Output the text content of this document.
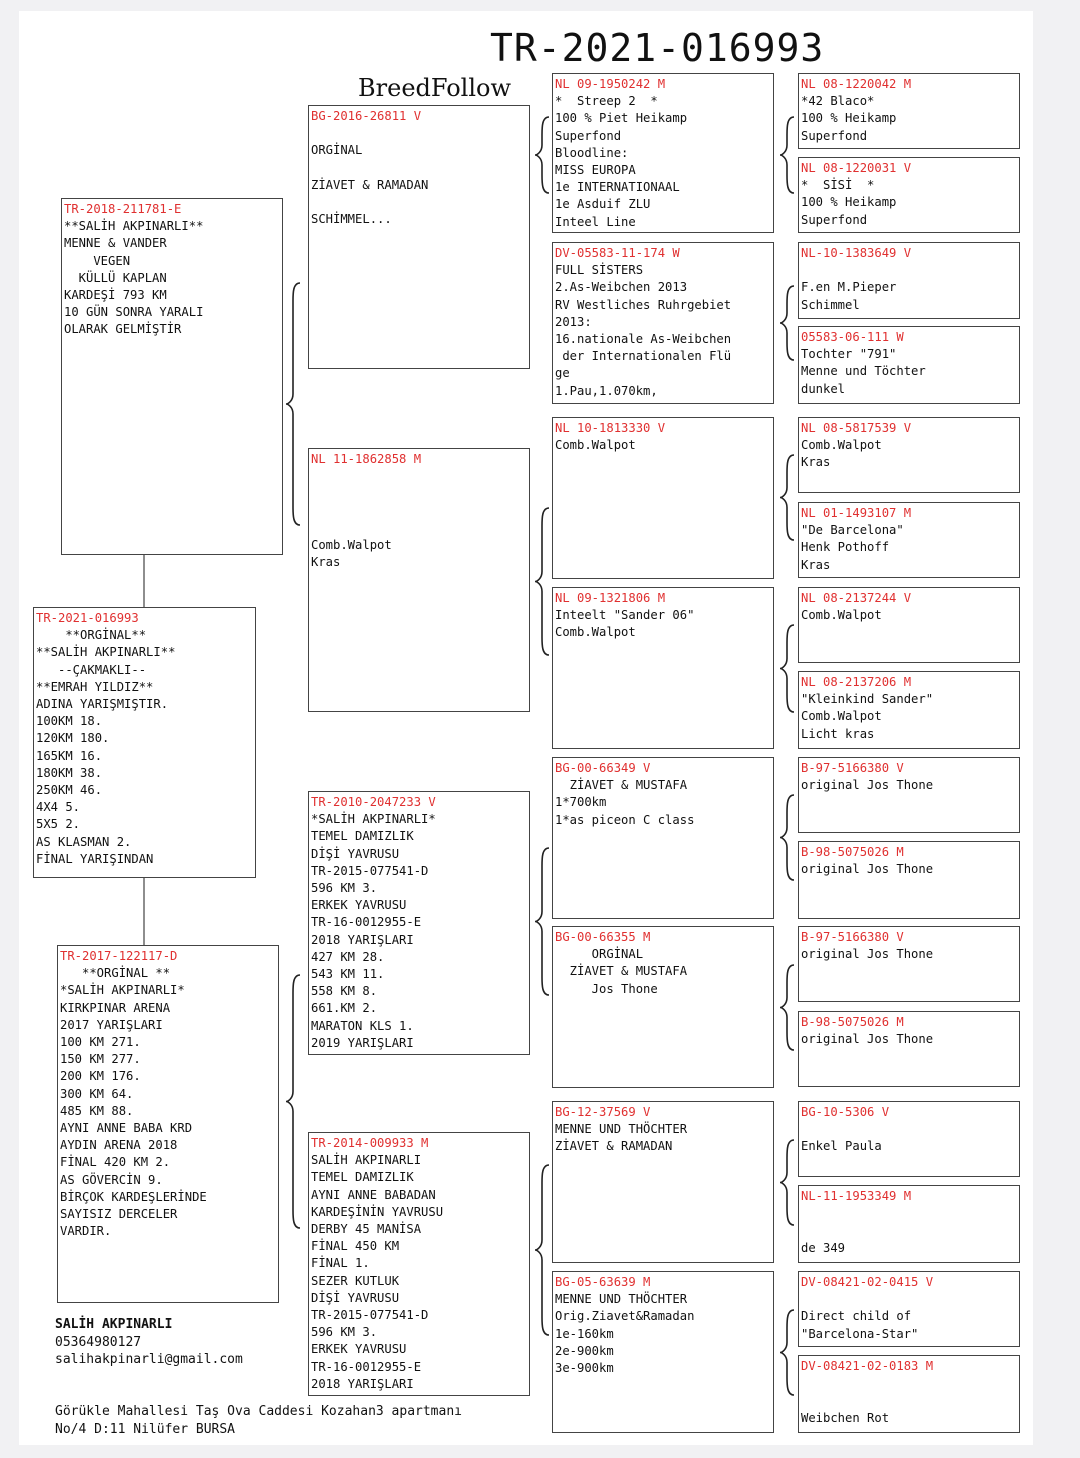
TR-2021-016993
BreedFollow
TR-2021-016993
**ORGİNAL**
**SALİH AKPINARLI**
--ÇAKMAKLI--
**EMRAH YILDIZ**
ADINA YARIŞMIŞTIR.
100KM 18.
120KM 180.
165KM 16.
180KM 38.
250KM 46.
4X4 5.
5X5 2.
AS KLASMAN 2.
FİNAL YARIŞINDAN
TR-2018-211781-E
**SALİH AKPINARLI**
MENNE & VANDER
VEGEN
KÜLLÜ KAPLAN
KARDEŞİ 793 KM
10 GÜN SONRA YARALI
OLARAK GELMİŞTİR
TR-2017-122117-D
**ORGİNAL **
*SALİH AKPINARLI*
KIRKPINAR ARENA
2017 YARIŞLARI
100 KM 271.
150 KM 277.
200 KM 176.
300 KM 64.
485 KM 88.
AYNI ANNE BABA KRD
AYDIN ARENA 2018
FİNAL 420 KM 2.
AS GÖVERCİN 9.
BİRÇOK KARDEŞLERİNDE
SAYISIZ DERCELER
VARDIR.
BG-2016-26811 V
ORGİNAL
ZİAVET & RAMADAN
SCHİMMEL...
NL 11-1862858 M
Comb.Walpot
Kras
TR-2010-2047233 V
*SALİH AKPINARLI*
TEMEL DAMIZLIK
DİŞİ YAVRUSU
TR-2015-077541-D
596 KM 3.
ERKEK YAVRUSU
TR-16-0012955-E
2018 YARIŞLARI
427 KM 28.
543 KM 11.
558 KM 8.
661.KM 2.
MARATON KLS 1.
2019 YARIŞLARI
TR-2014-009933 M
SALİH AKPINARLI
TEMEL DAMIZLIK
AYNI ANNE BABADAN
KARDEŞİNİN YAVRUSU
DERBY 45 MANİSA
FİNAL 450 KM
FİNAL 1.
SEZER KUTLUK
DİŞİ YAVRUSU
TR-2015-077541-D
596 KM 3.
ERKEK YAVRUSU
TR-16-0012955-E
2018 YARIŞLARI
NL 09-1950242 M
*  Streep 2  *
100 % Piet Heikamp
Superfond
Bloodline:
MISS EUROPA
1e INTERNATIONAAL
1e Asduif ZLU
Inteel Line
DV-05583-11-174 W
FULL SİSTERS
2.As-Weibchen 2013
RV Westliches Ruhrgebiet
2013:
16.nationale As-Weibchen
der Internationalen Flü
ge
1.Pau,1.070km,
NL 10-1813330 V
Comb.Walpot
NL 09-1321806 M
Inteelt "Sander 06"
Comb.Walpot
BG-00-66349 V
ZİAVET & MUSTAFA
1*700km
1*as piceon C class
BG-00-66355 M
ORGİNAL
ZİAVET & MUSTAFA
Jos Thone
BG-12-37569 V
MENNE UND THÖCHTER
ZİAVET & RAMADAN
BG-05-63639 M
MENNE UND THÖCHTER
Orig.Ziavet&Ramadan
1e-160km
2e-900km
3e-900km
NL 08-1220042 M
*42 Blaco*
100 % Heikamp
Superfond
NL 08-1220031 V
*  SİSİ  *
100 % Heikamp
Superfond
NL-10-1383649 V
F.en M.Pieper
Schimmel
05583-06-111 W
Tochter "791"
Menne und Töchter
dunkel
NL 08-5817539 V
Comb.Walpot
Kras
NL 01-1493107 M
"De Barcelona"
Henk Pothoff
Kras
NL 08-2137244 V
Comb.Walpot
NL 08-2137206 M
"Kleinkind Sander"
Comb.Walpot
Licht kras
B-97-5166380 V
original Jos Thone
B-98-5075026 M
original Jos Thone
B-97-5166380 V
original Jos Thone
B-98-5075026 M
original Jos Thone
BG-10-5306 V
Enkel Paula
NL-11-1953349 M
de 349
DV-08421-02-0415 V
Direct child of
"Barcelona-Star"
DV-08421-02-0183 M
Weibchen Rot
SALİH AKPINARLI
05364980127
salihakpinarli@gmail.com
Görükle Mahallesi Taş Ova Caddesi Kozahan3 apartmanı
No/4 D:11 Nilüfer BURSA
